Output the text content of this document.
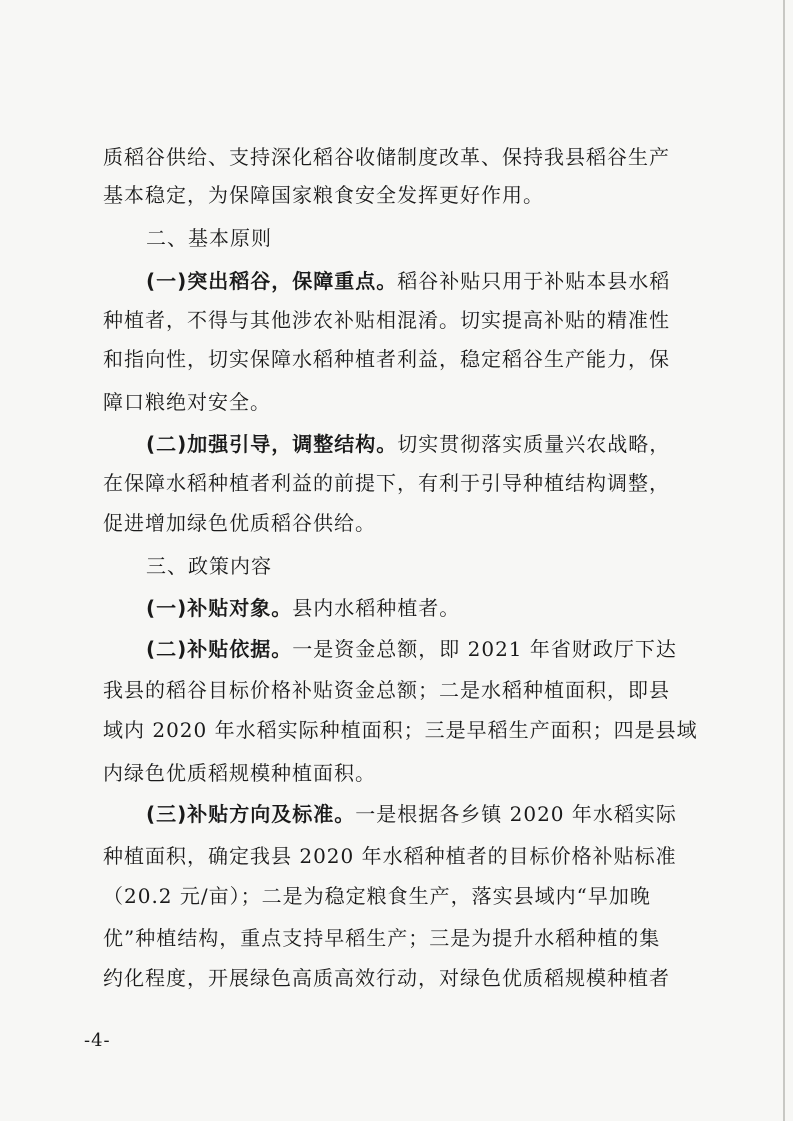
质稻谷供给、支持深化稻谷收储制度改革、保持我县稻谷生产
基本稳定，为保障国家粮食安全发挥更好作用。
二、基本原则
(一)突出稻谷，保障重点。稻谷补贴只用于补贴本县水稻
种植者，不得与其他涉农补贴相混淆。切实提高补贴的精准性
和指向性，切实保障水稻种植者利益，稳定稻谷生产能力，保
障口粮绝对安全。
(二)加强引导，调整结构。切实贯彻落实质量兴农战略，
在保障水稻种植者利益的前提下，有利于引导种植结构调整，
促进增加绿色优质稻谷供给。
三、政策内容
(一)补贴对象。县内水稻种植者。
(二)补贴依据。一是资金总额，即 2021 年省财政厅下达
我县的稻谷目标价格补贴资金总额；二是水稻种植面积，即县
域内 2020 年水稻实际种植面积；三是早稻生产面积；四是县域
内绿色优质稻规模种植面积。
(三)补贴方向及标准。一是根据各乡镇 2020 年水稻实际
种植面积，确定我县 2020 年水稻种植者的目标价格补贴标准
（20.2 元/亩）；二是为稳定粮食生产，落实县域内“早加晚
优”种植结构，重点支持早稻生产；三是为提升水稻种植的集
约化程度，开展绿色高质高效行动，对绿色优质稻规模种植者
-4-
